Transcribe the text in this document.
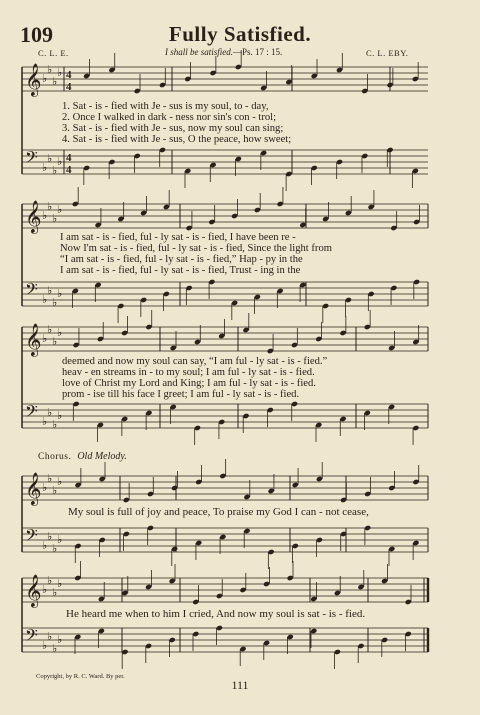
109	Fully Satisfied.
C. L. E.	I shall be satisfied.—Ps. 17 : 15.	C. L. EBY.
𝄞 ♭
♭
♭
♭ 4
4
𝄢 ♭
♭
♭
♭ 4
4
𝄞 ♭
♭
♭
♭
𝄢 ♭
♭
♭
♭
𝄞 ♭
♭
♭
♭
𝄢 ♭
♭
♭
♭
𝄞 ♭
♭
♭
♭
𝄢 ♭
♭
♭
♭
𝄞 ♭
♭
♭
♭
𝄢 ♭
♭
♭
♭
1. Sat - is - fied with Je - sus is my soul, to - day,
2. Once I walked in dark - ness nor sin's con - trol;
3. Sat - is - fied with Je - sus, now my soul can sing;
4. Sat - is - fied with Je - sus, O the peace, how sweet;
I am sat - is - fied, ful - ly sat - is - fied, I have been re -
Now I'm sat - is - fied, ful - ly sat - is - fied, Since the light from
“I am sat - is - fied, ful - ly sat - is - fied,” Hap - py in the
I am sat - is - fied, ful - ly sat - is - fied, Trust - ing in the
deemed and now my soul can say, “I am ful - ly sat - is - fied.”
heav - en streams in - to my soul; I am ful - ly sat - is - fied.
love of Christ my Lord and King; I am ful - ly sat - is - fied.
prom - ise till his face I greet; I am ful - ly sat - is - fied.
Chorus. Old Melody.
My soul is full of joy and peace, To praise my God I can - not cease,
He heard me when to him I cried, And now my soul is sat - is - fied.
Copyright, by R. C. Ward. By per.
111
